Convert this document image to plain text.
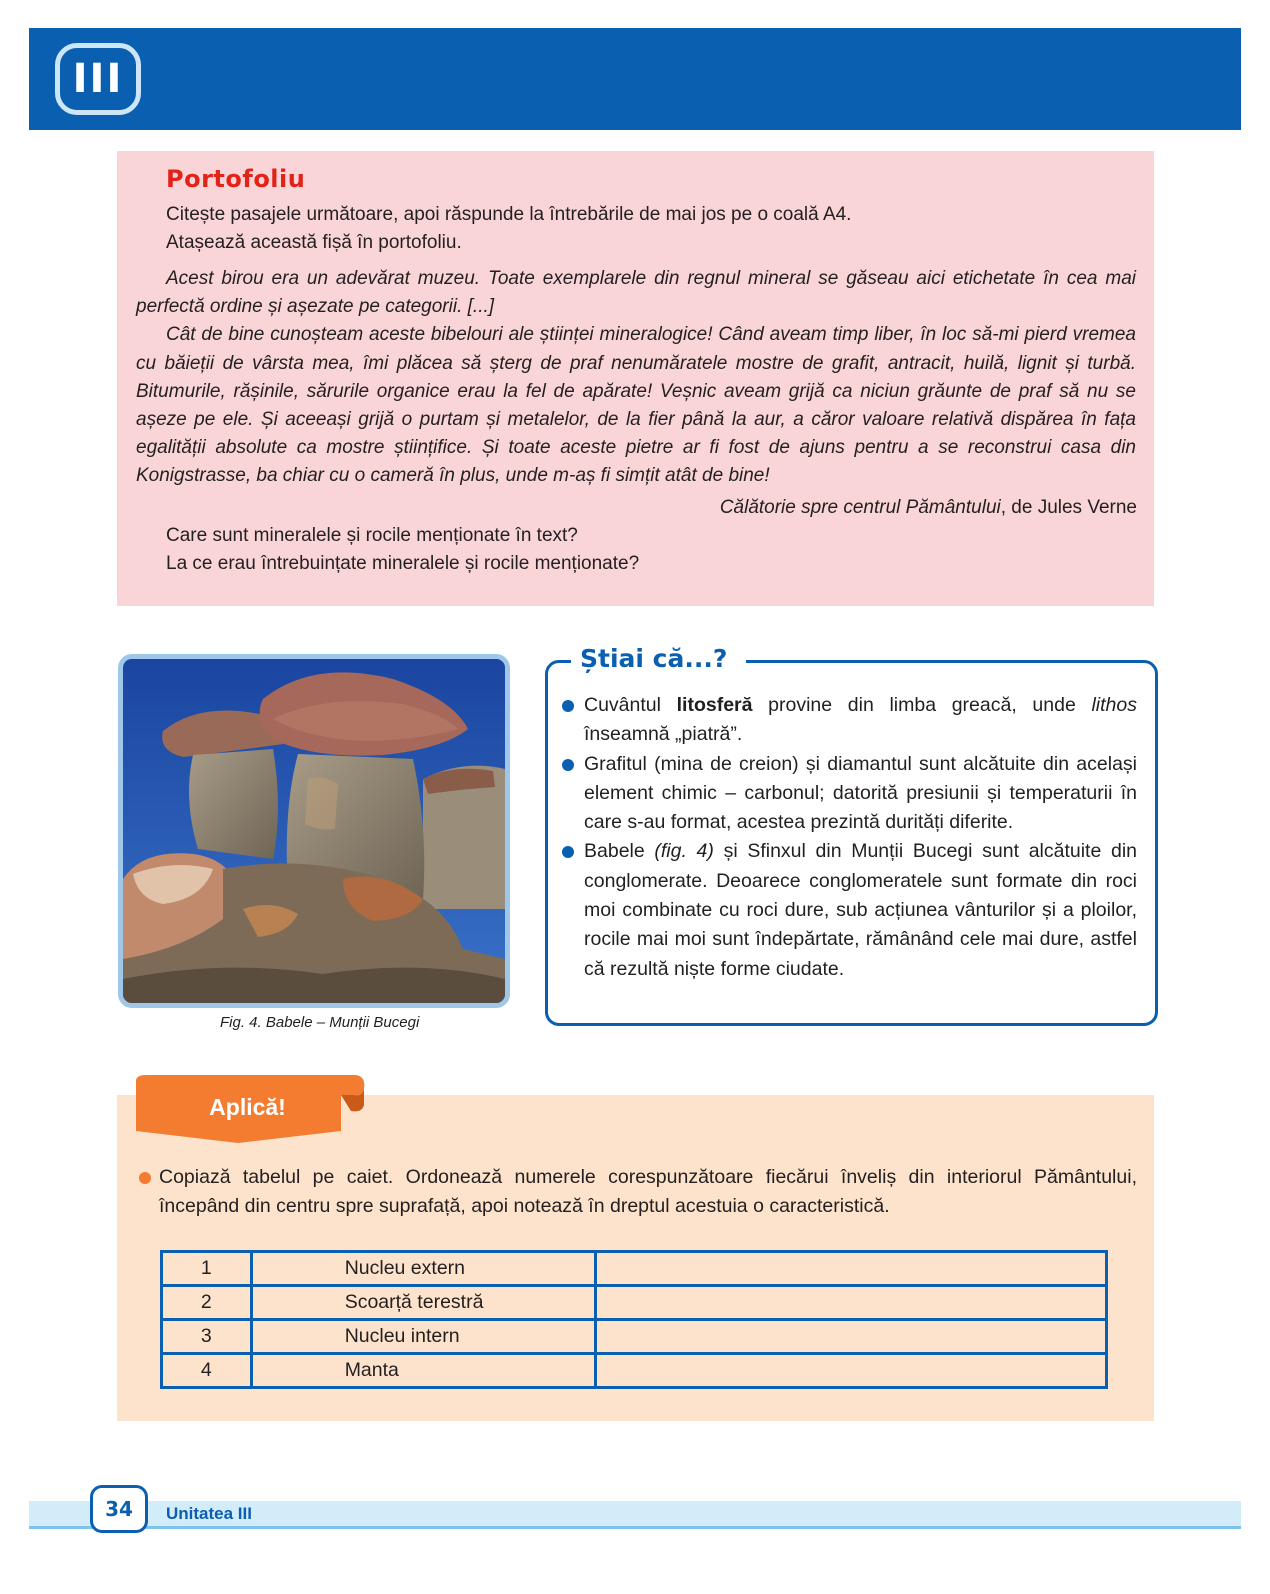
III
Portofoliu
Citește pasajele următoare, apoi răspunde la întrebările de mai jos pe o coală A4.
Atașează această fișă în portofoliu.

Acest birou era un adevărat muzeu. Toate exemplarele din regnul mineral se găseau aici etichetate în cea mai perfectă ordine și așezate pe categorii. [...]

Cât de bine cunoșteam aceste bibelouri ale științei mineralogice! Când aveam timp liber, în loc să-mi pierd vremea cu băieții de vârsta mea, îmi plăcea să șterg de praf nenumăratele mostre de grafit, antracit, huilă, lignit și turbă. Bitumurile, rășinile, sărurile organice erau la fel de apărate! Veșnic aveam grijă ca niciun grăunte de praf să nu se așeze pe ele. Și aceeași grijă o purtam și metalelor, de la fier până la aur, a căror valoare relativă dispărea în fața egalității absolute ca mostre științifice. Și toate aceste pietre ar fi fost de ajuns pentru a se reconstrui casa din Konigstrasse, ba chiar cu o cameră în plus, unde m-aș fi simțit atât de bine!

Călătorie spre centrul Pământului, de Jules Verne
Care sunt mineralele și rocile menționate în text?
La ce erau întrebuințate mineralele și rocile menționate?
Fig. 4. Babele – Munții Bucegi
Știai că...?
Cuvântul litosferă provine din limba greacă, unde lithos înseamnă „piatră”.
Grafitul (mina de creion) și diamantul sunt alcătuite din același element chimic – carbonul; datorită presiunii și temperaturii în care s-au format, acestea prezintă durități diferite.
Babele (fig. 4) și Sfinxul din Munții Bucegi sunt alcătuite din conglomerate. Deoarece conglomeratele sunt formate din roci moi combinate cu roci dure, sub acțiunea vânturilor și a ploilor, rocile mai moi sunt îndepărtate, rămânând cele mai dure, astfel că rezultă niște forme ciudate.
Aplică!
Copiază tabelul pe caiet. Ordonează numerele corespunzătoare fiecărui înveliș din interiorul Pământului, începând din centru spre suprafață, apoi notează în dreptul acestuia o caracteristică.
1	Nucleu extern	
2	Scoarță terestră	
3	Nucleu intern	
4	Manta	
34	Unitatea III
